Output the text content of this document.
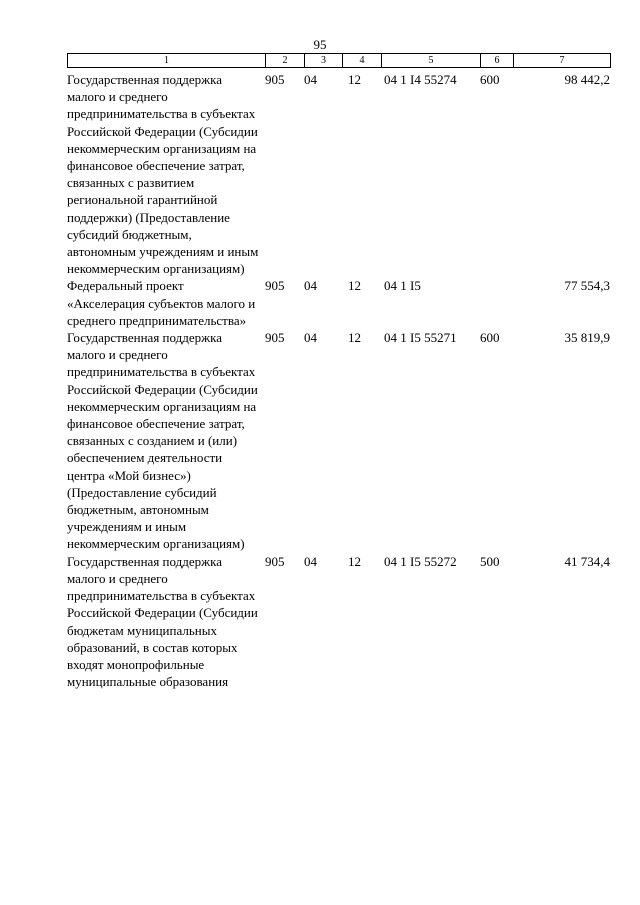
95
1	2	3	4	5	6	7
Государственная поддержка малого и среднего предпринимательства в субъектах Российской Федерации (Субсидии некоммерческим организациям на финансовое обеспечение затрат, связанных с развитием региональной гарантийной поддержки) (Предоставление субсидий бюджетным, автономным учреждениям и иным некоммерческим организациям)	905	04	12	04 1 I4 55274	600	98 442,2
Федеральный проект «Акселерация субъектов малого и среднего предпринимательства»	905	04	12	04 1 I5		77 554,3
Государственная поддержка малого и среднего предпринимательства в субъектах Российской Федерации (Субсидии некоммерческим организациям на финансовое обеспечение затрат, связанных с созданием и (или) обеспечением деятельности центра «Мой бизнес») (Предоставление субсидий бюджетным, автономным учреждениям и иным некоммерческим организациям)	905	04	12	04 1 I5 55271	600	35 819,9
Государственная поддержка малого и среднего предпринимательства в субъектах Российской Федерации (Субсидии бюджетам муниципальных образований, в состав которых входят монопрофильные муниципальные образования	905	04	12	04 1 I5 55272	500	41 734,4
